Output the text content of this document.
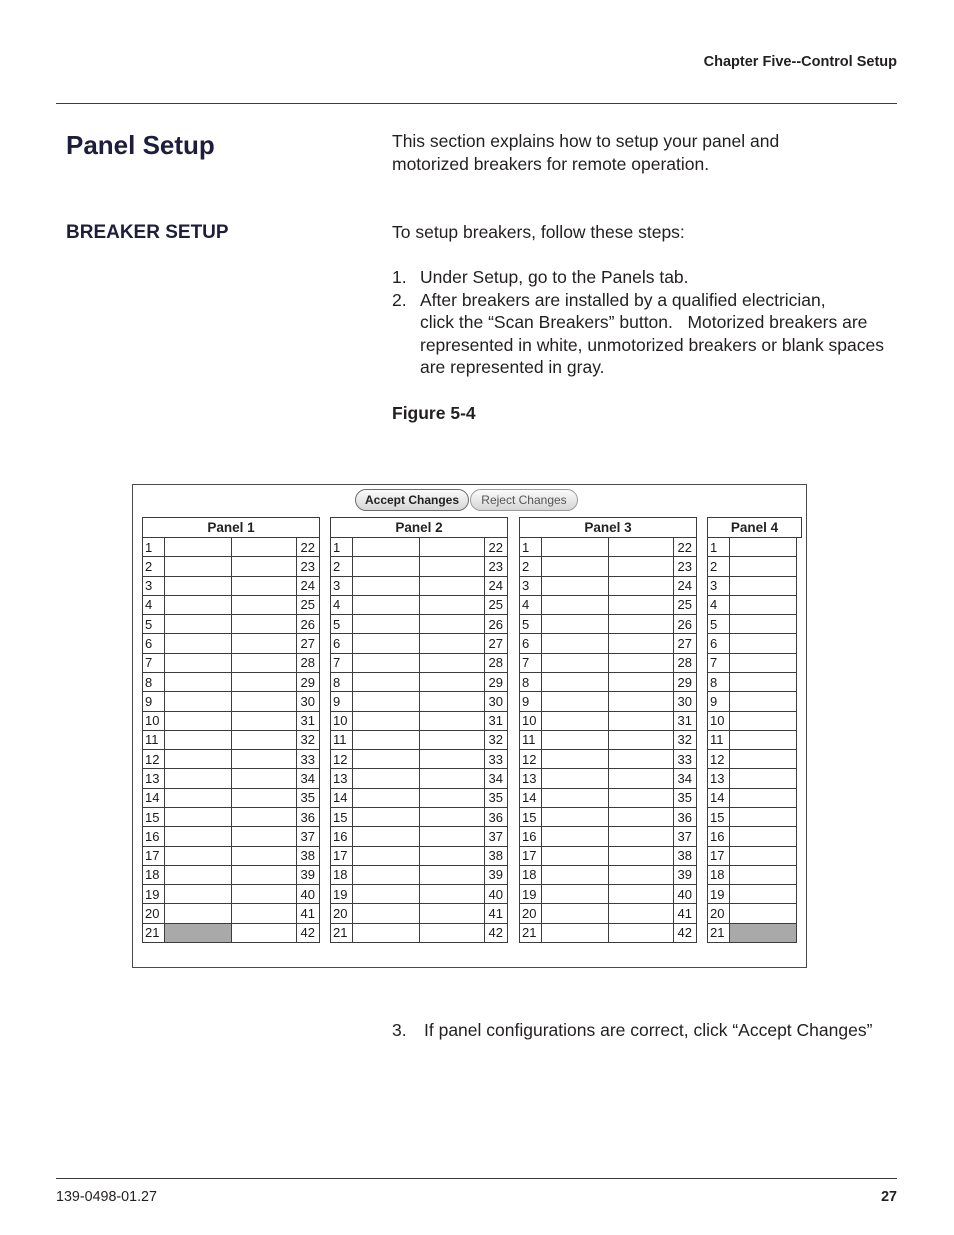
Chapter Five--Control Setup
Panel Setup	This section explains how to setup your panel and
motorized breakers for remote operation.
BREAKER SETUP	To setup breakers, follow these steps:
1. Under Setup, go to the Panels tab.
2. After breakers are installed by a qualified electrician,
click the “Scan Breakers” button.   Motorized breakers are
represented in white, unmotorized breakers or blank spaces
are represented in gray.
Figure 5-4
Accept Changes	Reject Changes
Panel 1
1	22
2	23
3	24
4	25
5	26
6	27
7	28
8	29
9	30
10	31
11	32
12	33
13	34
14	35
15	36
16	37
17	38
18	39
19	40
20	41
21	42
Panel 2
1	22
2	23
3	24
4	25
5	26
6	27
7	28
8	29
9	30
10	31
11	32
12	33
13	34
14	35
15	36
16	37
17	38
18	39
19	40
20	41
21	42
Panel 3
1	22
2	23
3	24
4	25
5	26
6	27
7	28
8	29
9	30
10	31
11	32
12	33
13	34
14	35
15	36
16	37
17	38
18	39
19	40
20	41
21	42
Panel 4
1
2
3
4
5
6
7
8
9
10
11
12
13
14
15
16
17
18
19
20
21
3. If panel configurations are correct, click “Accept Changes”
139-0498-01.27	27
